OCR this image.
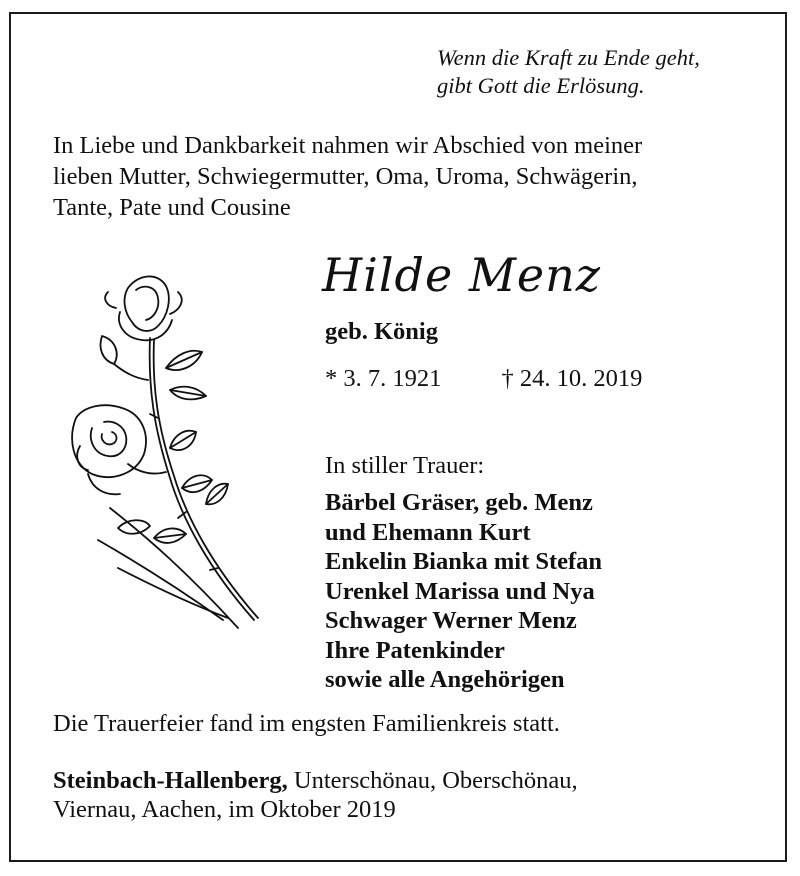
Wenn die Kraft zu Ende geht,
gibt Gott die Erlösung.
In Liebe und Dankbarkeit nahmen wir Abschied von meiner
lieben Mutter, Schwiegermutter, Oma, Uroma, Schwägerin,
Tante, Pate und Cousine
Hilde Menz
geb. König
* 3. 7. 1921 † 24. 10. 2019
In stiller Trauer:
Bärbel Gräser, geb. Menz
und Ehemann Kurt
Enkelin Bianka mit Stefan
Urenkel Marissa und Nya
Schwager Werner Menz
Ihre Patenkinder
sowie alle Angehörigen
Die Trauerfeier fand im engsten Familienkreis statt.
Steinbach-Hallenberg, Unterschönau, Oberschönau,
Viernau, Aachen, im Oktober 2019
